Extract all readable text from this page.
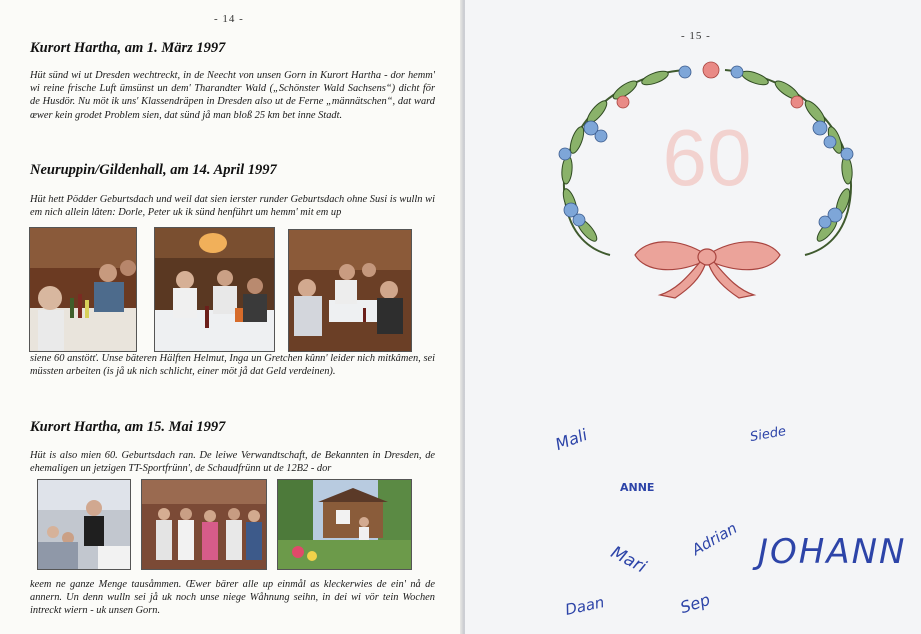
- 14 -
Kurort Hartha, am 1. März 1997
Hüt sünd wi ut Dresden wechtreckt, in de Neecht von unsen Gorn in Kurort Hartha - dor hemm' wi reine frische Luft ümsünst un dem' Tharandter Wald („Schönster Wald Sachsens“) dicht för de Husdör. Nu möt ik uns' Klassendräpen in Dresden also ut de Ferne „männätschen“, dat ward œwer kein grodet Problem sien, dat sünd jå man bloß 25 km bet inne Stadt.
Neuruppin/Gildenhall, am 14. April 1997
Hüt hett Pödder Geburtsdach und weil dat sien ierster runder Geburtsdach ohne Susi is wulln wi em nich allein lâten: Dorle, Peter uk ik sünd henführt um hemm' mit em up
siene 60 anstötť. Unse bäteren Hälften Helmut, Inga un Gretchen kûnn' leider nich mitkâmen, sei müssten arbeiten (is jå uk nich schlicht, einer möt jå dat Geld verdeinen).
Kurort Hartha, am 15. Mai 1997
Hüt is also mien 60. Geburtsdach ran. De leiwe Verwandtschaft, de Bekannten in Dresden, de ehemaligen un jetzigen TT-Sportfrünn', de Schaudfrünn ut de 12B2 - dor
keem ne ganze Menge tausåmmen. Œwer bärer alle up einmål as kleckerwies de ein' nå de annern. Un denn wulln sei jå uk noch unse niege Wåhnung seihn, in dei wi vör tein Wochen intreckt wiern - uk unsen Gorn.
- 15 -
60
Mali	Siede
ANNE
Adrian JOHANN
Mari
Daan	Sep
